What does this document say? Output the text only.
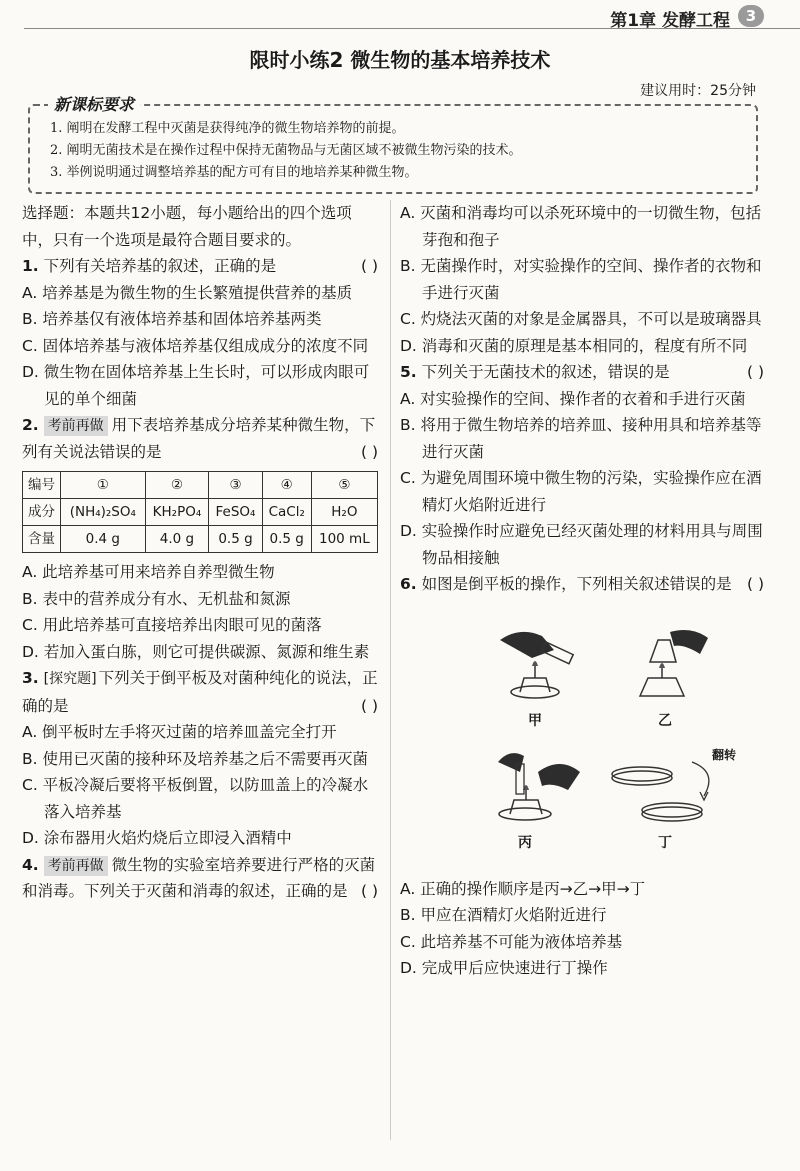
第1章 发酵工程	3
限时小练2 微生物的基本培养技术
建议用时：25分钟
新课标要求
1. 阐明在发酵工程中灭菌是获得纯净的微生物培养物的前提。
2. 阐明无菌技术是在操作过程中保持无菌物品与无菌区域不被微生物污染的技术。
3. 举例说明通过调整培养基的配方可有目的地培养某种微生物。

选择题：本题共12小题，每小题给出的四个选项中，只有一个选项是最符合题目要求的。

1. 下列有关培养基的叙述，正确的是	( )

A. 培养基是为微生物的生长繁殖提供营养的基质

B. 培养基仅有液体培养基和固体培养基两类

C. 固体培养基与液体培养基仅组成成分的浓度不同

D. 微生物在固体培养基上生长时，可以形成肉眼可见的单个细菌

2. 考前再做 用下表培养基成分培养某种微生物，下列有关说法错误的是	( )

编号	①	②	③	④	⑤
成分	(NH₄)₂SO₄	KH₂PO₄	FeSO₄	CaCl₂	H₂O
含量	0.4 g	4.0 g	0.5 g	0.5 g	100 mL

A. 此培养基可用来培养自养型微生物

B. 表中的营养成分有水、无机盐和氮源

C. 用此培养基可直接培养出肉眼可见的菌落

D. 若加入蛋白胨，则它可提供碳源、氮源和维生素

3. [探究题] 下列关于倒平板及对菌种纯化的说法，正确的是	( )

A. 倒平板时左手将灭过菌的培养皿盖完全打开

B. 使用已灭菌的接种环及培养基之后不需要再灭菌

C. 平板冷凝后要将平板倒置，以防皿盖上的冷凝水落入培养基

D. 涂布器用火焰灼烧后立即浸入酒精中

4. 考前再做 微生物的实验室培养要进行严格的灭菌和消毒。下列关于灭菌和消毒的叙述，正确的是 ( )

A. 灭菌和消毒均可以杀死环境中的一切微生物，包括芽孢和孢子

B. 无菌操作时，对实验操作的空间、操作者的衣物和手进行灭菌

C. 灼烧法灭菌的对象是金属器具，不可以是玻璃器具

D. 消毒和灭菌的原理是基本相同的，程度有所不同

5. 下列关于无菌技术的叙述，错误的是	( )

A. 对实验操作的空间、操作者的衣着和手进行灭菌

B. 将用于微生物培养的培养皿、接种用具和培养基等进行灭菌

C. 为避免周围环境中微生物的污染，实验操作应在酒精灯火焰附近进行

D. 实验操作时应避免已经灭菌处理的材料用具与周围物品相接触

6. 如图是倒平板的操作，下列相关叙述错误的是 ( )

甲	乙
丙
翻转
丁

A. 正确的操作顺序是丙→乙→甲→丁

B. 甲应在酒精灯火焰附近进行

C. 此培养基不可能为液体培养基

D. 完成甲后应快速进行丁操作
